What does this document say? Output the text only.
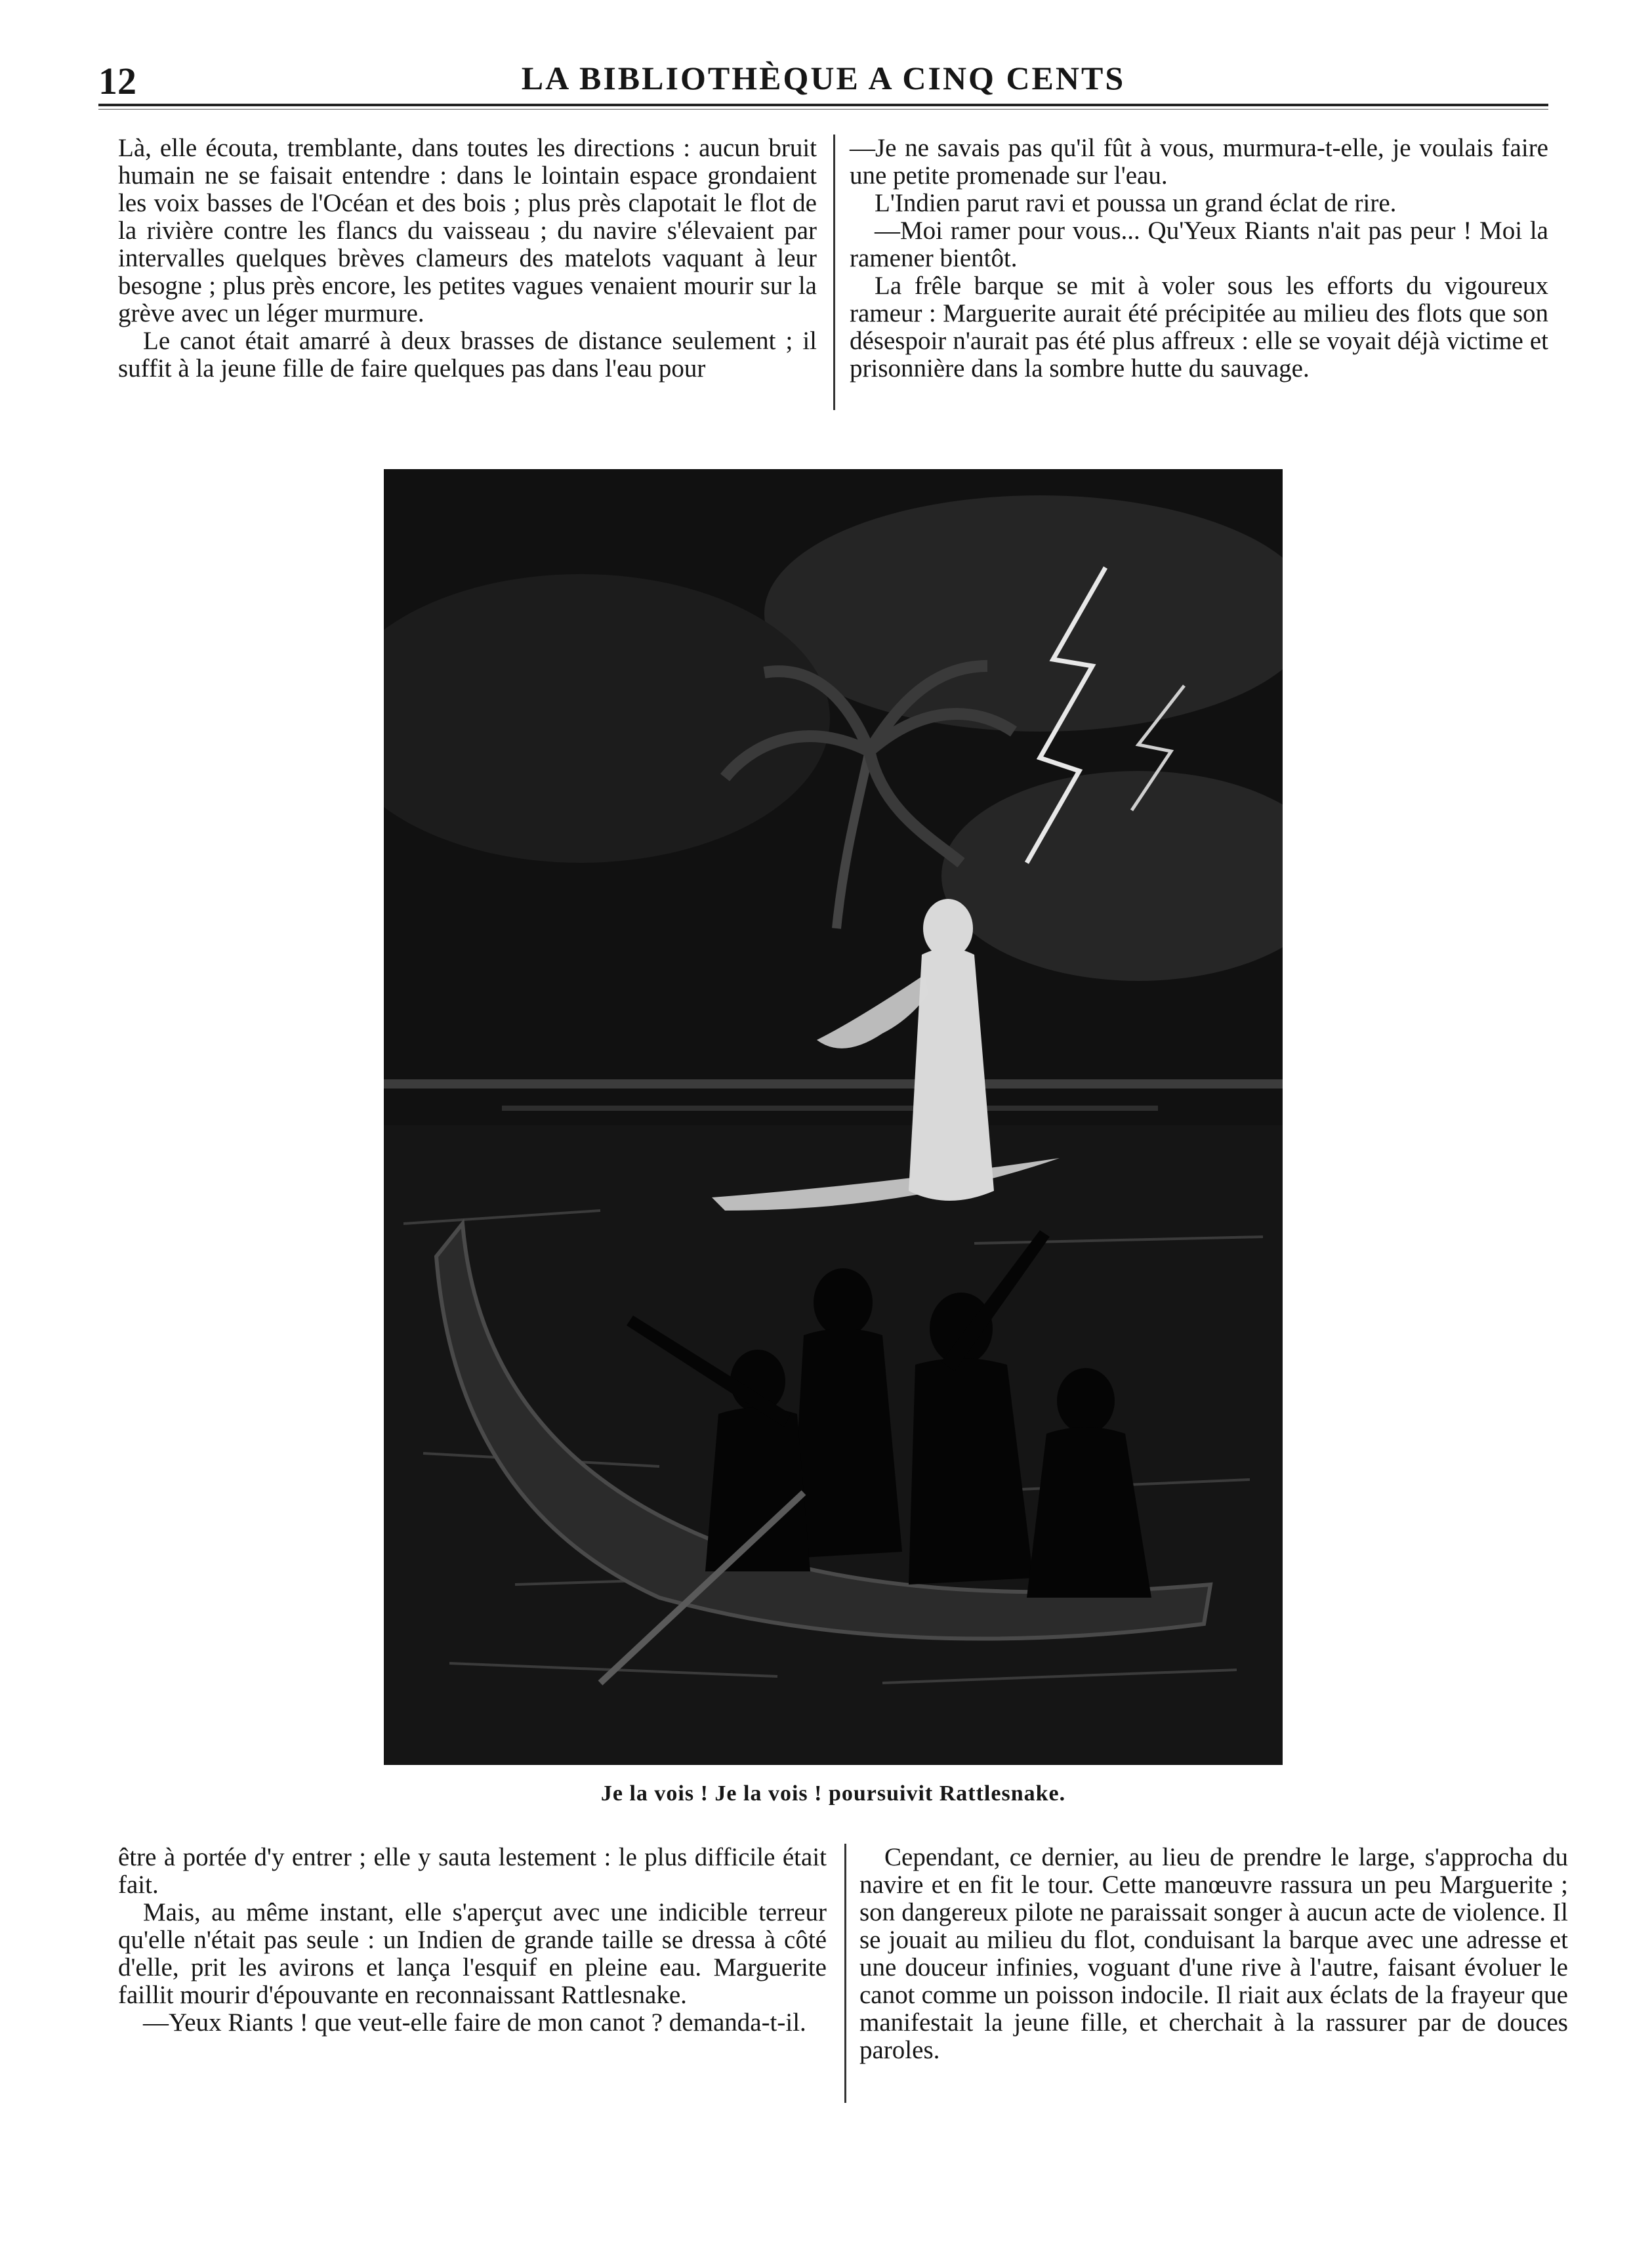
12	LA BIBLIOTHÈQUE A CINQ CENTS

Là, elle écouta, tremblante, dans toutes les directions : aucun bruit humain ne se faisait entendre : dans le lointain espace grondaient les voix basses de l'Océan et des bois ; plus près clapotait le flot de la rivière contre les flancs du vaisseau ; du navire s'élevaient par intervalles quelques brèves clameurs des matelots vaquant à leur besogne ; plus près encore, les petites vagues venaient mourir sur la grève avec un léger murmure.

Le canot était amarré à deux brasses de distance seulement ; il suffit à la jeune fille de faire quelques pas dans l'eau pour

—Je ne savais pas qu'il fût à vous, murmura-t-elle, je voulais faire une petite promenade sur l'eau.

L'Indien parut ravi et poussa un grand éclat de rire.

—Moi ramer pour vous... Qu'Yeux Riants n'ait pas peur ! Moi la ramener bientôt.

La frêle barque se mit à voler sous les efforts du vigoureux rameur : Marguerite aurait été précipitée au milieu des flots que son désespoir n'aurait pas été plus affreux : elle se voyait déjà victime et prisonnière dans la sombre hutte du sauvage.

Je la vois ! Je la vois ! poursuivit Rattlesnake.

être à portée d'y entrer ; elle y sauta lestement : le plus difficile était fait.

Mais, au même instant, elle s'aperçut avec une indicible terreur qu'elle n'était pas seule : un Indien de grande taille se dressa à côté d'elle, prit les avirons et lança l'esquif en pleine eau. Marguerite faillit mourir d'épouvante en reconnaissant Rattlesnake.

—Yeux Riants ! que veut-elle faire de mon canot ? demanda-t-il.

Cependant, ce dernier, au lieu de prendre le large, s'approcha du navire et en fit le tour. Cette manœuvre rassura un peu Marguerite ; son dangereux pilote ne paraissait songer à aucun acte de violence. Il se jouait au milieu du flot, conduisant la barque avec une adresse et une douceur infinies, voguant d'une rive à l'autre, faisant évoluer le canot comme un poisson indocile. Il riait aux éclats de la frayeur que manifestait la jeune fille, et cherchait à la rassurer par de douces paroles.
